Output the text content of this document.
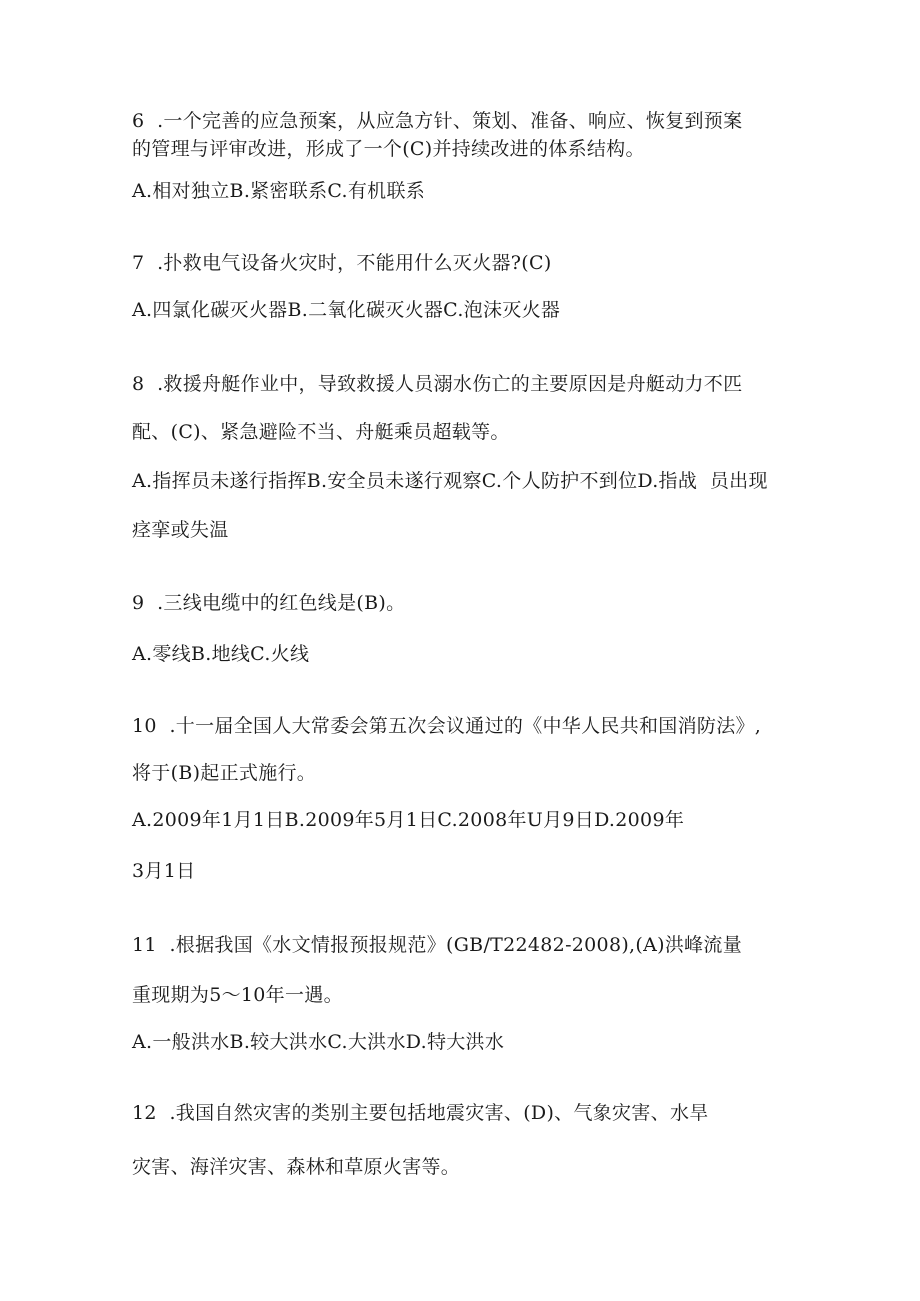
6  .一个完善的应急预案，从应急方针、策划、准备、响应、恢复到预案
的管理与评审改进，形成了一个(C)并持续改进的体系结构。
A.相对独立B.紧密联系C.有机联系
7  .扑救电气设备火灾时，不能用什么灭火器?(C)
A.四氯化碳灭火器B.二氧化碳灭火器C.泡沫灭火器
8  .救援舟艇作业中，导致救援人员溺水伤亡的主要原因是舟艇动力不匹
配、(C)、紧急避险不当、舟艇乘员超载等。
A.指挥员未遂行指挥B.安全员未遂行观察C.个人防护不到位D.指战  员出现
痉挛或失温
9  .三线电缆中的红色线是(B)。
A.零线B.地线C.火线
10  .十一届全国人大常委会第五次会议通过的《中华人民共和国消防法》,
将于(B)起正式施行。
A.2009年1月1日B.2009年5月1日C.2008年U月9日D.2009年
3月1日
11  .根据我国《水文情报预报规范》(GB/T22482-2008),(A)洪峰流量
重现期为5～10年一遇。
A.一般洪水B.较大洪水C.大洪水D.特大洪水
12  .我国自然灾害的类别主要包括地震灾害、(D)、气象灾害、水旱
灾害、海洋灾害、森林和草原火害等。
